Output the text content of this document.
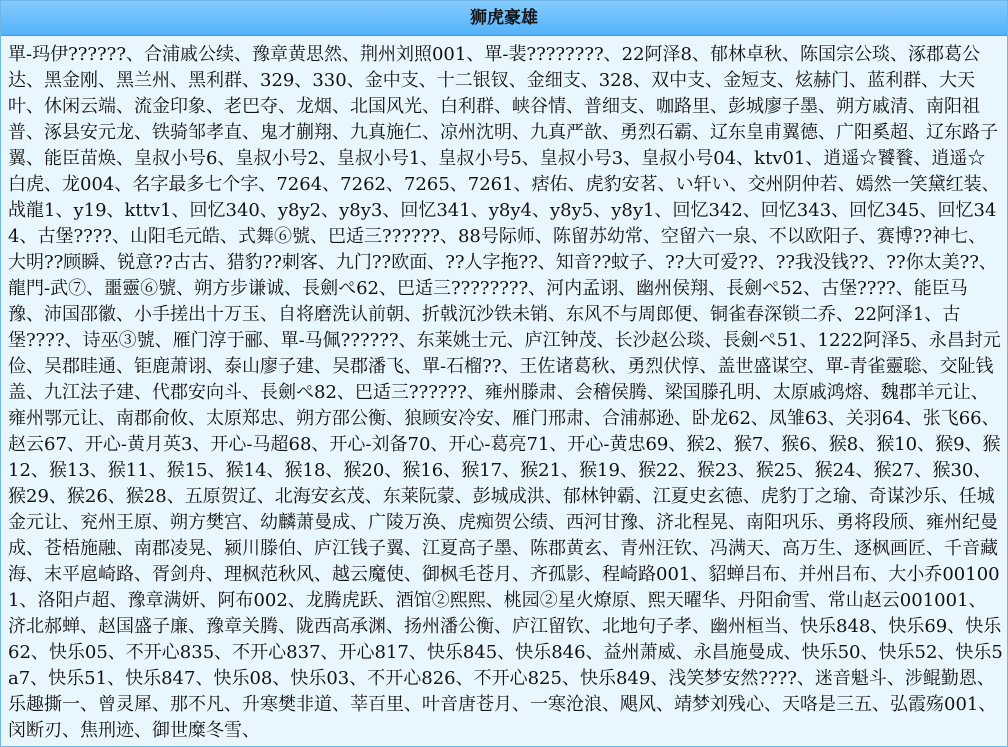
狮虎豪雄
單-玛伊??????、合浦戚公续、豫章黄思然、荆州刘照001、單-裴????????、22阿泽8、郁林卓秋、陈国宗公琰、涿郡葛公达、黑金刚、黑兰州、黑利群、329、330、金中支、十二银钗、金细支、328、双中支、金短支、炫赫门、蓝利群、大天叶、休闲云端、流金印象、老巴夺、龙烟、北国风光、白利群、峡谷情、普细支、咖路里、彭城廖子墨、朔方戚清、南阳祖普、涿县安元龙、铁骑邹孝直、鬼才蒯翔、九真施仁、凉州沈明、九真严歆、勇烈石霸、辽东皇甫翼德、广阳奚超、辽东路子翼、能臣苗焕、皇叔小号6、皇叔小号2、皇叔小号1、皇叔小号5、皇叔小号3、皇叔小号04、ktv01、逍遥☆饕餮、逍遥☆白虎、龙004、名字最多七个字、7264、7262、7265、7261、痞佑、虎豹安茗、い轩い、交州阴仲若、嫣然一笑黛红装、战龍1、y19、kttv1、回忆340、y8y2、y8y3、回忆341、y8y4、y8y5、y8y1、回忆342、回忆343、回忆345、回忆344、古堡????、山阳毛元皓、式舞⑥號、巴适三??????、88号际师、陈留苏幼常、空留六一泉、不以欧阳子、赛博??神七、大明??顾瞬、锐意??古古、猎豹??刺客、九门??欧面、??人字拖??、知音??蚊子、??大可爱??、??我没钱??、??你太美??、龍門-武⑦、噩靈⑥號、朔方步谦诚、長劍ぺ62、巴适三????????、河内孟诩、幽州侯翔、長劍ぺ52、古堡????、能臣马豫、沛国邵徽、小手搓出十万玉、自将磨洗认前朝、折戟沉沙铁未销、东风不与周郎便、铜雀春深锁二乔、22阿泽1、古堡????、诗巫③號、雁门淳于郦、單-马佩??????、东莱姚士元、庐江钟茂、长沙赵公琰、長劍ぺ51、1222阿泽5、永昌封元俭、吴郡眭通、钜鹿萧诩、泰山廖子建、吴郡潘飞、單-石榴??、王佐诸葛秋、勇烈伏惇、盖世盛谋空、單-青雀靈聡、交阯钱盖、九江法子建、代郡安向斗、長劍ぺ82、巴适三??????、雍州滕肃、会稽侯腾、梁国滕孔明、太原戚鸿熔、魏郡羊元让、雍州鄂元让、南郡俞攸、太原郑忠、朔方邵公衡、狼顾安冷安、雁门邢肃、合浦郝逊、卧龙62、凤雏63、关羽64、张飞66、赵云67、开心-黄月英3、开心-马超68、开心-刘备70、开心-葛亮71、开心-黄忠69、猴2、猴7、猴6、猴8、猴10、猴9、猴12、猴13、猴11、猴15、猴14、猴18、猴20、猴16、猴17、猴21、猴19、猴22、猴23、猴25、猴24、猴27、猴30、猴29、猴26、猴28、五原贺辽、北海安玄茂、东莱阮蒙、彭城成洪、郁林钟霸、江夏史玄德、虎豹丁之瑜、奇谋沙乐、任城金元让、兖州王原、朔方樊宫、幼麟萧曼成、广陵万涣、虎痴贺公绩、西河甘豫、济北程晃、南阳巩乐、勇将段颀、雍州纪曼成、苍梧施融、南郡凌晃、颍川滕伯、庐江钱子翼、江夏高子墨、陈郡黄玄、青州汪钦、冯满天、高万生、逐枫画匠、千音藏海、末平扈崎路、胥剑舟、理枫范秋风、越云魔使、御枫毛苍月、齐孤影、程崎路001、貂蝉吕布、并州吕布、大小乔001001、洛阳卢超、豫章满妍、阿布002、龙腾虎跃、酒馆②熙熙、桃园②星火燎原、熙天曜华、丹阳俞雪、常山赵云001001、济北郝蝉、赵国盛子廉、豫章关腾、陇西高承渊、扬州潘公衡、庐江留钦、北地句子孝、幽州桓当、快乐848、快乐69、快乐62、快乐05、不开心835、不开心837、开心817、快乐845、快乐846、益州萧威、永昌施曼成、快乐50、快乐52、快乐5a7、快乐51、快乐847、快乐08、快乐03、不开心826、不开心825、快乐849、浅笑梦安然????、迷音魁斗、涉鲲勤恩、乐趣撕一、曾灵犀、那不凡、升寒樊非道、莘百里、叶音唐苍月、一寒沧浪、飓风、靖梦刘残心、天咯是三五、弘霞殇001、闵断刃、焦刑迹、御世糜冬雪、
